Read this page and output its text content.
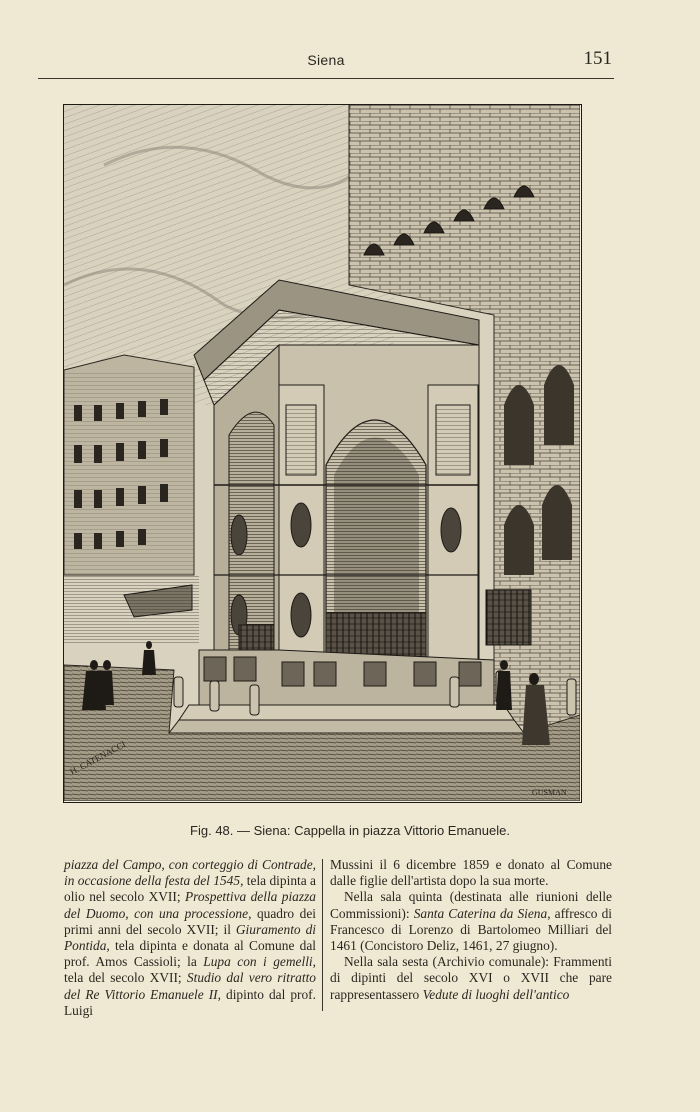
Siena	151
H. CATENACCI
GUSMAN
Fig. 48. — Siena: Cappella in piazza Vittorio Emanuele.

piazza del Campo, con corteggio di Contrade, in occasione della festa del 1545, tela dipinta a olio nel secolo XVII; Prospettiva della piazza del Duomo, con una processione, quadro dei primi anni del secolo XVII; il Giuramento di Pontida, tela dipinta e donata al Comune dal prof. Amos Cassioli; la Lupa con i gemelli, tela del secolo XVII; Studio dal vero ritratto del Re Vittorio Emanuele II, dipinto dal prof. Luigi

Mussini il 6 dicembre 1859 e donato al Comune dalle figlie dell'artista dopo la sua morte.

Nella sala quinta (destinata alle riunioni delle Commissioni): Santa Caterina da Siena, affresco di Francesco di Lorenzo di Bartolomeo Milliari del 1461 (Concistoro Deliz, 1461, 27 giugno).

Nella sala sesta (Archivio comunale): Frammenti di dipinti del secolo XVI o XVII che pare rappresentassero Vedute di luoghi dell'antico
